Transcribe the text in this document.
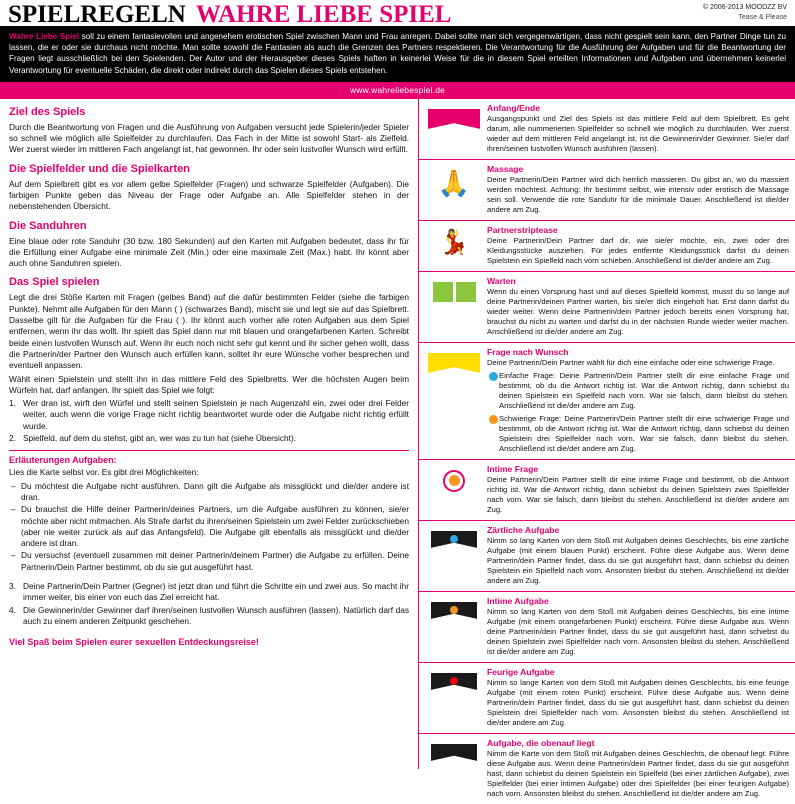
SPIELREGELN WAHRE LIEBE SPIEL	© 2006-2013 MOODZZ BV
Tease & Please
Wahre Liebe Spiel soll zu einem fantasievollen und angenehem erotischen Spiel zwischen Mann und Frau anregen. Dabei sollte man sich vergegenwärtigen, dass nicht gespielt sein kann, den Partner Dinge tun zu lassen, die er oder sie durchaus nicht möchte. Man sollte sowohl die Fantasien als auch die Grenzen des Partners respektieren. Die Verantwortung für die Ausführung der Aufgaben und für die Beantwortung der Fragen liegt ausschließlich bei den Spielenden. Der Autor und der Herausgeber dieses Spiels haften in keinerlei Weise für die in diesem Spiel erteilten Informationen und Aufgaben und übernehmen keinerlei Verantwortung für eventuelle Schäden, die direkt oder indirekt durch das Spielen dieses Spiels entstehen.
www.wahreliebespiel.de
Ziel des Spiels

Durch die Beantwortung von Fragen und die Ausführung von Aufgaben versucht jede Spielerin/jeder Spieler so schnell wie möglich alle Spielfelder zu durchlaufen. Das Fach in der Mitte ist sowohl Start- als Zielfeld. Wer zuerst wieder im mittleren Fach angelangt ist, hat gewonnen. Ihr oder sein lustvoller Wunsch wird erfüllt.

Die Spielfelder und die Spielkarten

Auf dem Spielbrett gibt es vor allem gelbe Spielfelder (Fragen) und schwarze Spielfelder (Aufgaben). Die farbigen Punkte geben das Niveau der Frage oder Aufgabe an. Alle Spielfelder stehen in der nebenstehenden Übersicht.

Die Sanduhren

Eine blaue oder rote Sanduhr (30 bzw. 180 Sekunden) auf den Karten mit Aufgaben bedeutet, dass ihr für die Erfüllung einer Aufgabe eine minimale Zeit (Min.) oder eine maximale Zeit (Max.) habt. Ihr könnt aber auch ohne Sanduhren spielen.

Das Spiel spielen

Legt die drei Stöße Karten mit Fragen (gelbes Band) auf die dafür bestimmten Felder (siehe die farbigen Punkte). Nehmt alle Aufgaben für den Mann ( ) (schwarzes Band), mischt sie und legt sie auf das Spielbrett. Dasselbe gilt für die Aufgaben für die Frau ( ). Ihr könnt auch vorher alle roten Aufgaben aus dem Spiel entfernen, wenn ihr das wollt. Ihr spielt das Spiel dann nur mit blauen und orangefarbenen Karten. Schreibt beide einen lustvollen Wunsch auf. Wenn ihr euch noch nicht sehr gut kennt und ihr sicher gehen wollt, dass die Partnerin/der Partner den Wunsch auch erfüllen kann, solltet ihr eure Wünsche vorher besprechen und eventuell anpassen.

Wählt einen Spielstein und stellt ihn in das mittlere Feld des Spielbretts. Wer die höchsten Augen beim Würfeln hat, darf anfangen. Ihr spielt das Spiel wie folgt:

1. Wer dran ist, wirft den Würfel und stellt seinen Spielstein je nach Augenzahl ein, zwei oder drei Felder weiter, auch wenn die vorige Frage nicht richtig beantwortet wurde oder die Aufgabe nicht richtig erfüllt wurde.
2. Spielfeld, auf dem du stehst, gibt an, wer was zu tun hat (siehe Übersicht).
Erläuterungen Aufgaben:

Lies die Karte selbst vor. Es gibt drei Möglichkeiten:

– Du möchtest die Aufgabe nicht ausführen. Dann gilt die Aufgabe als missglückt und die/der andere ist dran.
– Du brauchst die Hilfe deiner Partnerin/deines Partners, um die Aufgabe ausführen zu können, sie/er möchte aber nicht mitmachen. Als Strafe darfst du ihren/seinen Spielstein um zwei Felder zurückschieben (aber nie weiter zurück als auf das Anfangsfeld). Die Aufgabe gilt ebenfalls als missglückt und die/der andere ist dran.
– Du versuchst (eventuell zusammen mit deiner Partnerin/deinem Partner) die Aufgabe zu erfüllen. Deine Partnerin/Dein Partner bestimmt, ob du sie gut ausgeführt hast.
3. Deine Partnerin/Dein Partner (Gegner) ist jetzt dran und führt die Schritte ein und zwei aus. So macht ihr immer weiter, bis einer von euch das Ziel erreicht hat.
4. Die Gewinnerin/der Gewinner darf ihren/seinen lustvollen Wunsch ausführen (lassen). Natürlich darf das auch zu einem anderen Zeitpunkt geschehen.
Viel Spaß beim Spielen eurer sexuellen Entdeckungsreise!
Anfang/Ende
Ausgangspunkt und Ziel des Spiels ist das mittlere Feld auf dem Spielbrett. Es geht darum, alle nummerierten Spielfelder so schnell wie möglich zu durchlaufen. Wer zuerst wieder auf dem mittleren Feld angelangt ist, ist die Gewinnerin/der Gewinner. Sie/er darf ihren/seinen lustvollen Wunsch ausführen (lassen).
🙏 Massage
Deine Partnerin/Dein Partner wird dich herrlich massieren. Du gibst an, wo du massiert werden möchtest. Achtung: Ihr bestimmt selbst, wie intensiv oder erotisch die Massage sein soll. Verwende die rote Sanduhr für die minimale Dauer. Anschließend ist die/der andere am Zug.
💃 Partnerstriptease
Deine Partnerin/Dein Partner darf dir, wie sie/er möchte, ein, zwei oder drei Kleidungsstücke ausziehen. Für jedes entfernte Kleidungsstück darfst du deinen Spielstein ein Spielfeld nach vorn schieben. Anschließend ist die/der andere am Zug.
Warten
Wenn du einen Vorsprung hast und auf dieses Spielfeld kommst, musst du so lange auf deine Partnerin/deinen Partner warten, bis sie/er dich eingeholt hat. Erst dann darfst du wieder weiter. Wenn deine Partnerin/dein Partner jedoch bereits einen Vorsprung hat, brauchst du nicht zu warten und darfst du in der nächsten Runde wieder weiter machen. Anschließend ist die/der andere am Zug.
Frage nach Wunsch
Deine Partnerin/Dein Partner wählt für dich eine einfache oder eine schwierige Frage.
Einfache Frage: Deine Partnerin/Dein Partner stellt dir eine einfache Frage und bestimmt, ob du die Antwort richtig ist. War die Antwort richtig, dann schiebst du deinen Spielstein ein Spielfeld nach vorn. War sie falsch, dann bleibst du stehen. Anschließend ist die/der andere am Zug.
Schwierige Frage: Deine Partnerin/Dein Partner stellt dir eine schwierige Frage und bestimmt, ob die Antwort richtig ist. War die Antwort richtig, dann schiebst du deinen Spielstein drei Spielfelder nach vorn. War sie falsch, dann bleibst du stehen. Anschließend ist die/der andere am Zug.
Intime Frage
Deine Partnerin/Dein Partner stellt dir eine intime Frage und bestimmt, ob die Antwort richtig ist. War die Antwort richtig, dann schiebst du deinen Spielstein zwei Spielfelder nach vorn. War sie falsch, dann bleibst du stehen. Anschließend ist die/der andere am Zug.
Zärtliche Aufgabe
Nimm so lang Karten von dem Stoß mit Aufgaben deines Geschlechts, bis eine zärtliche Aufgabe (mit einem blauen Punkt) erscheint. Führe diese Aufgabe aus. Wenn deine Partnerin/dein Partner findet, dass du sie gut ausgeführt hast, dann schiebst du deinen Spielstein ein Spielfeld nach vorn. Ansonsten bleibst du stehen. Anschließend ist die/der andere am Zug.
Intime Aufgabe
Nimm so lang Karten von dem Stoß mit Aufgaben deines Geschlechts, bis eine intime Aufgabe (mit einem orangefarbenen Punkt) erscheint. Führe diese Aufgabe aus. Wenn deine Partnerin/dein Partner findet, dass du sie gut ausgeführt hast, dann schiebst du deinen Spielstein zwei Spielfelder nach vorn. Ansonsten bleibst du stehen. Anschließend ist die/der andere am Zug.
Feurige Aufgabe
Nimm so lange Karten von dem Stoß mit Aufgaben deines Geschlechts, bis eine feurige Aufgabe (mit einem roten Punkt) erscheint. Führe diese Aufgabe aus. Wenn deine Partnerin/dein Partner findet, dass du sie gut ausgeführt hast, dann schiebst du deinen Spielstein drei Spielfelder nach vorn. Ansonsten bleibst du stehen. Anschließend ist die/der andere am Zug.
Aufgabe, die obenauf liegt
Nimm die Karte von dem Stoß mit Aufgaben deines Geschlechts, die obenauf liegt. Führe diese Aufgabe aus. Wenn deine Partnerin/dein Partner findet, dass du sie gut ausgeführt hast, dann schiebst du deinen Spielstein ein Spielfeld (bei einer zärtlichen Aufgabe), zwei Spielfelder (bei einer intimen Aufgabe) oder drei Spielfelder (bei einer feurigen Aufgabe) nach vorn. Ansonsten bleibst du stehen. Anschließend ist die/der andere am Zug.
